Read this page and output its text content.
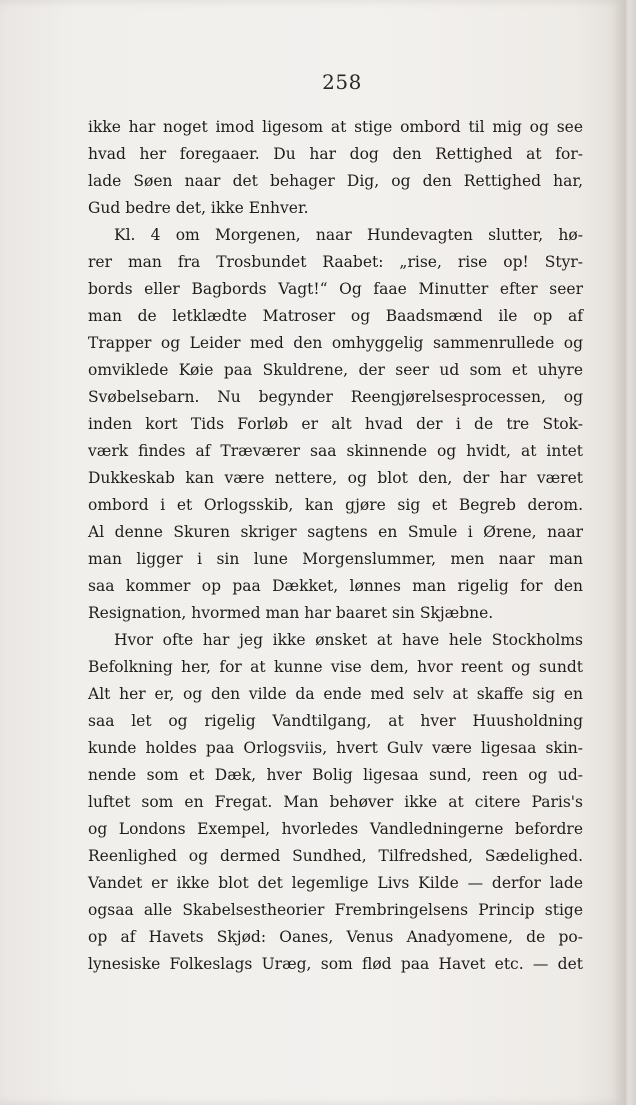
258
ikke har noget imod ligesom at stige ombord til mig og see
hvad her foregaaer. Du har dog den Rettighed at for-
lade Søen naar det behager Dig, og den Rettighed har,
Gud bedre det, ikke Enhver.
Kl. 4 om Morgenen, naar Hundevagten slutter, hø-
rer man fra Trosbundet Raabet: „rise, rise op! Styr-
bords eller Bagbords Vagt!“ Og faae Minutter efter seer
man de letklædte Matroser og Baadsmænd ile op af
Trapper og Leider med den omhyggelig sammenrullede og
omviklede Køie paa Skuldrene, der seer ud som et uhyre
Svøbelsebarn. Nu begynder Reengjørelsesprocessen, og
inden kort Tids Forløb er alt hvad der i de tre Stok-
værk findes af Træværer saa skinnende og hvidt, at intet
Dukkeskab kan være nettere, og blot den, der har været
ombord i et Orlogsskib, kan gjøre sig et Begreb derom.
Al denne Skuren skriger sagtens en Smule i Ørene, naar
man ligger i sin lune Morgenslummer, men naar man
saa kommer op paa Dækket, lønnes man rigelig for den
Resignation, hvormed man har baaret sin Skjæbne.
Hvor ofte har jeg ikke ønsket at have hele Stockholms
Befolkning her, for at kunne vise dem, hvor reent og sundt
Alt her er, og den vilde da ende med selv at skaffe sig en
saa let og rigelig Vandtilgang, at hver Huusholdning
kunde holdes paa Orlogsviis, hvert Gulv være ligesaa skin-
nende som et Dæk, hver Bolig ligesaa sund, reen og ud-
luftet som en Fregat. Man behøver ikke at citere Paris's
og Londons Exempel, hvorledes Vandledningerne befordre
Reenlighed og dermed Sundhed, Tilfredshed, Sædelighed.
Vandet er ikke blot det legemlige Livs Kilde — derfor lade
ogsaa alle Skabelsestheorier Frembringelsens Princip stige
op af Havets Skjød: Oanes, Venus Anadyomene, de po-
lynesiske Folkeslags Uræg, som flød paa Havet etc. — det
